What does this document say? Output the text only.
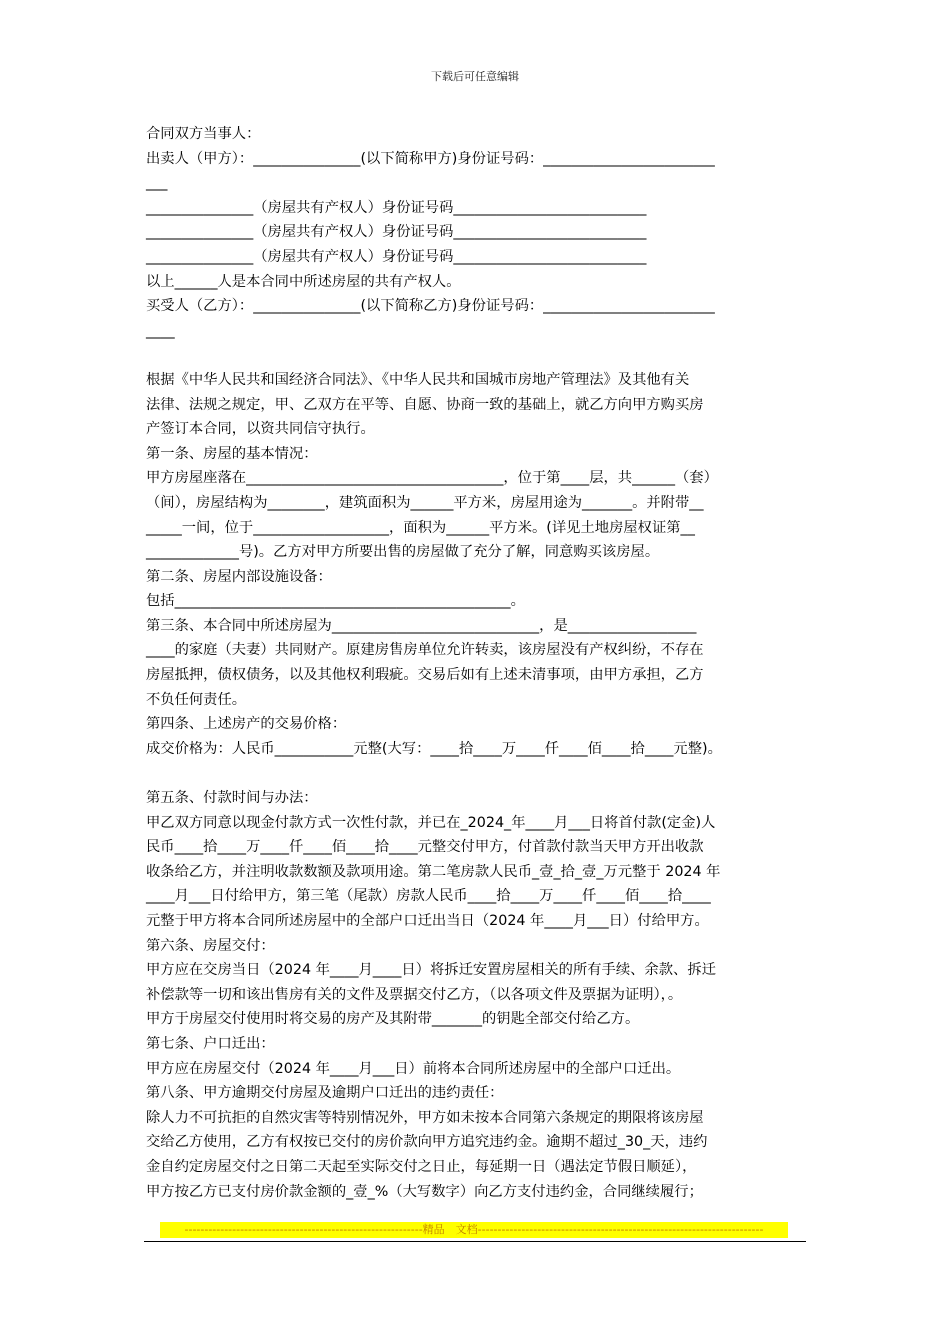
下载后可任意编辑
合同双方当事人：
出卖人（甲方）：_______________(以下简称甲方)身份证号码：________________________
___
_______________（房屋共有产权人）身份证号码___________________________
_______________（房屋共有产权人）身份证号码___________________________
_______________（房屋共有产权人）身份证号码___________________________
以上______人是本合同中所述房屋的共有产权人。
买受人（乙方）：_______________(以下简称乙方)身份证号码：________________________
____
根据《中华人民共和国经济合同法》、《中华人民共和国城市房地产管理法》及其他有关
法律、法规之规定，甲、乙双方在平等、自愿、协商一致的基础上，就乙方向甲方购买房
产签订本合同，以资共同信守执行。
第一条、房屋的基本情况：
甲方房屋座落在____________________________________，位于第____层，共______（套）
（间），房屋结构为________，建筑面积为______平方米，房屋用途为_______。并附带__
_____一间，位于___________________，面积为______平方米。(详见土地房屋权证第__
_____________号)。乙方对甲方所要出售的房屋做了充分了解，同意购买该房屋。
第二条、房屋内部设施设备：
包括_______________________________________________。
第三条、本合同中所述房屋为_____________________________，是__________________
____的家庭（夫妻）共同财产。原建房售房单位允许转卖，该房屋没有产权纠纷，不存在
房屋抵押，债权债务，以及其他权利瑕疵。交易后如有上述未清事项，由甲方承担，乙方
不负任何责任。
第四条、上述房产的交易价格：
成交价格为：人民币___________元整(大写：____拾____万____仟____佰____拾____元整)。
第五条、付款时间与办法：
甲乙双方同意以现金付款方式一次性付款，并已在_2024_年____月___日将首付款(定金)人
民币____拾____万____仟____佰____拾____元整交付甲方，付首款付款当天甲方开出收款
收条给乙方，并注明收款数额及款项用途。第二笔房款人民币_壹_拾_壹_万元整于 2024 年
____月___日付给甲方，第三笔（尾款）房款人民币____拾____万____仟____佰____拾____
元整于甲方将本合同所述房屋中的全部户口迁出当日（2024 年____月___日）付给甲方。
第六条、房屋交付：
甲方应在交房当日（2024 年____月____日）将拆迁安置房屋相关的所有手续、余款、拆迁
补偿款等一切和该出售房有关的文件及票据交付乙方，（以各项文件及票据为证明），。
甲方于房屋交付使用时将交易的房产及其附带_______的钥匙全部交付给乙方。
第七条、户口迁出：
甲方应在房屋交付（2024 年____月___日）前将本合同所述房屋中的全部户口迁出。
第八条、甲方逾期交付房屋及逾期户口迁出的违约责任：
除人力不可抗拒的自然灾害等特别情况外，甲方如未按本合同第六条规定的期限将该房屋
交给乙方使用，乙方有权按已交付的房价款向甲方追究违约金。逾期不超过_30_天，违约
金自约定房屋交付之日第二天起至实际交付之日止，每延期一日（遇法定节假日顺延），
甲方按乙方已支付房价款金额的_壹_%（大写数字）向乙方支付违约金，合同继续履行；
------------------------------------------------------------精品　文档------------------------------------------------------------------------
